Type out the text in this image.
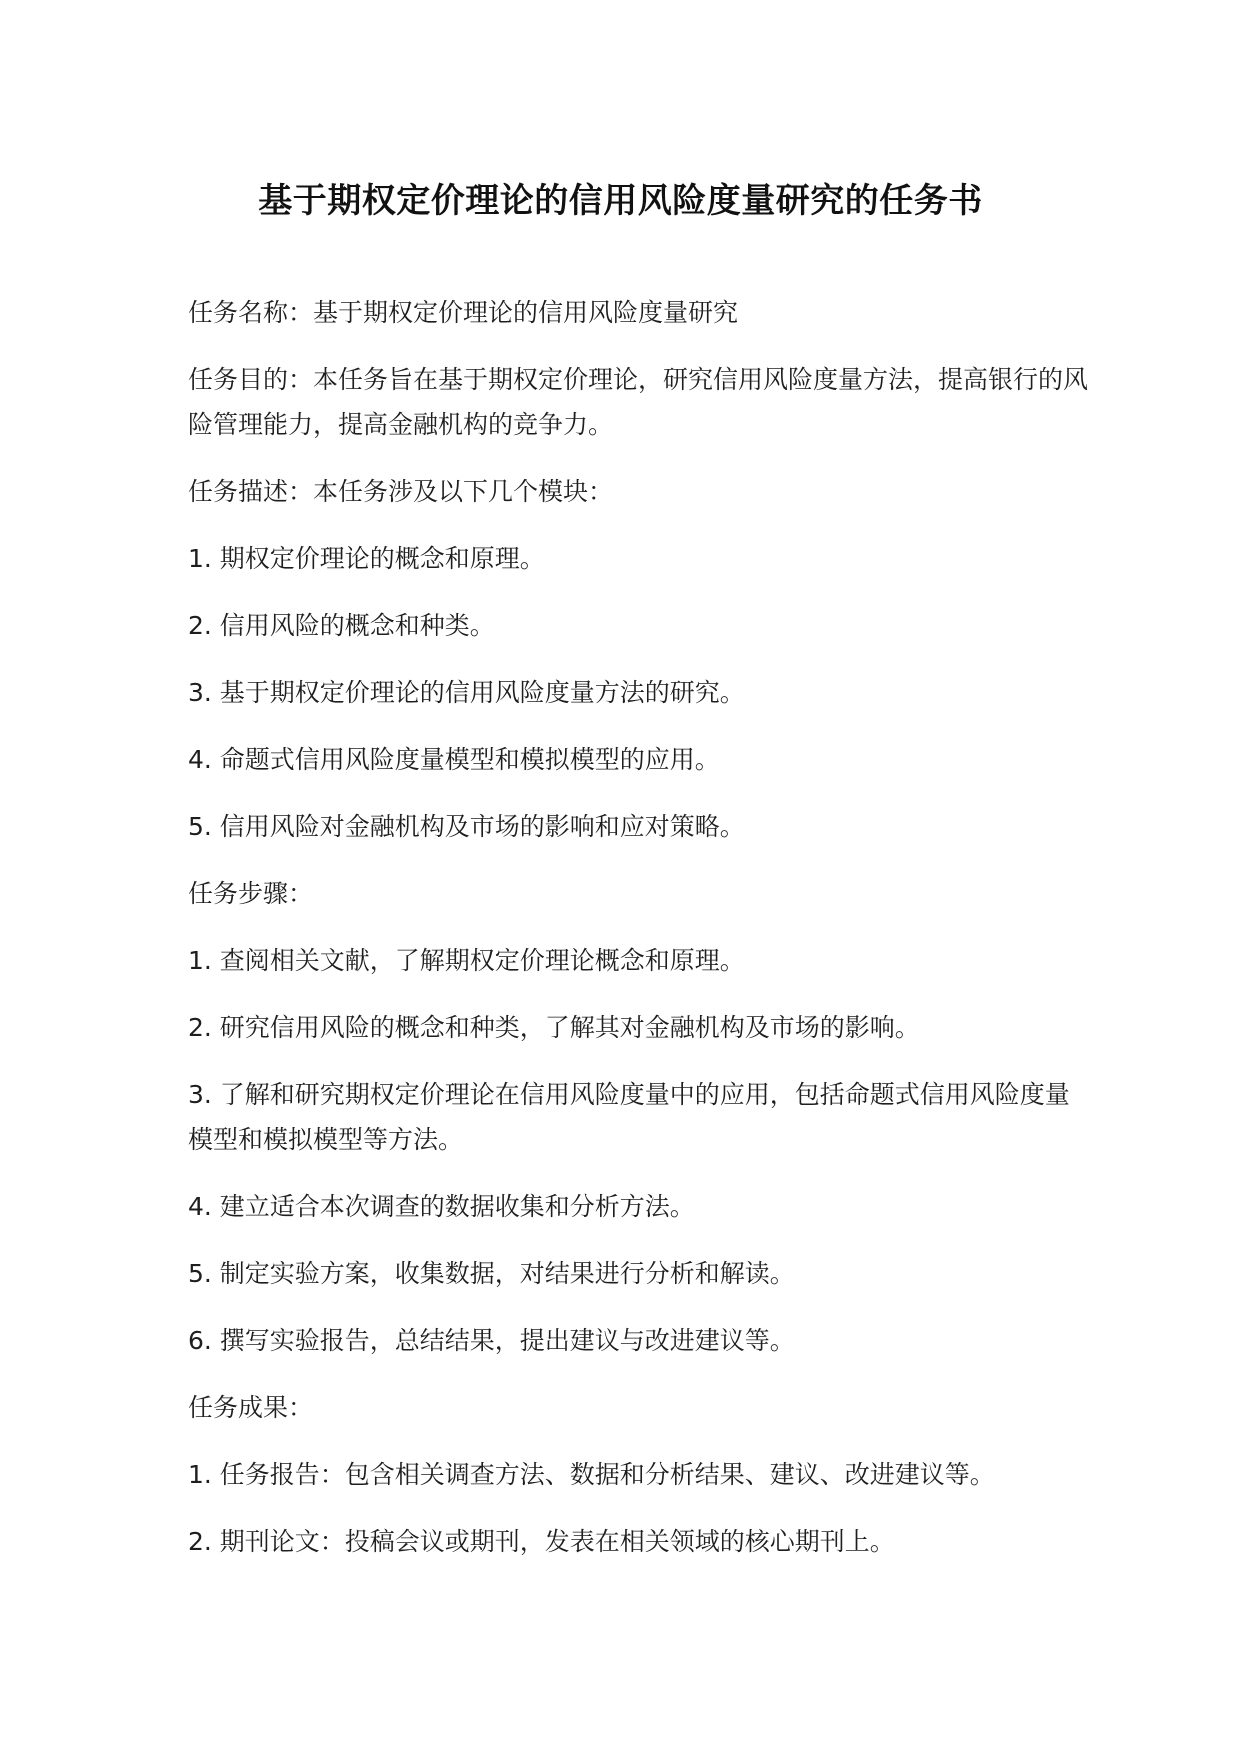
基于期权定价理论的信用风险度量研究的任务书

任务名称：基于期权定价理论的信用风险度量研究

任务目的：本任务旨在基于期权定价理论，研究信用风险度量方法，提高银行的风险管理能力，提高金融机构的竞争力。

任务描述：本任务涉及以下几个模块：

1. 期权定价理论的概念和原理。

2. 信用风险的概念和种类。

3. 基于期权定价理论的信用风险度量方法的研究。

4. 命题式信用风险度量模型和模拟模型的应用。

5. 信用风险对金融机构及市场的影响和应对策略。

任务步骤：

1. 查阅相关文献，了解期权定价理论概念和原理。

2. 研究信用风险的概念和种类，了解其对金融机构及市场的影响。

3. 了解和研究期权定价理论在信用风险度量中的应用，包括命题式信用风险度量模型和模拟模型等方法。

4. 建立适合本次调查的数据收集和分析方法。

5. 制定实验方案，收集数据，对结果进行分析和解读。

6. 撰写实验报告，总结结果，提出建议与改进建议等。

任务成果：

1. 任务报告：包含相关调查方法、数据和分析结果、建议、改进建议等。

2. 期刊论文：投稿会议或期刊，发表在相关领域的核心期刊上。
